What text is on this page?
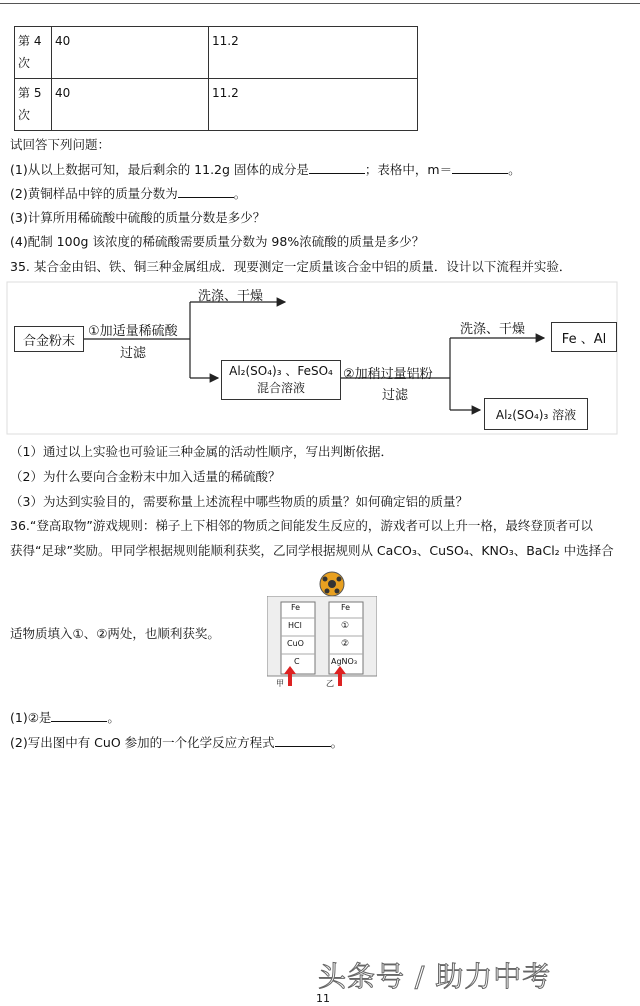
第 4 次	40	11.2
第 5 次	40	11.2
试回答下列问题：
(1)从以上数据可知，最后剩余的 11.2g 固体的成分是	；表格中，m＝	。
(2)黄铜样品中锌的质量分数为	。
(3)计算所用稀硫酸中硫酸的质量分数是多少？
(4)配制 100g 该浓度的稀硫酸需要质量分数为 98%浓硫酸的质量是多少？
35. 某合金由铝、铁、铜三种金属组成．现要测定一定质量该合金中铝的质量．设计以下流程并实验．
合金粉末
①加适量稀硫酸
过滤
洗涤、干燥
Al₂(SO₄)₃ 、FeSO₄
混合溶液
②加稍过量铝粉
过滤
洗涤、干燥
Fe 、Al
Al₂(SO₄)₃ 溶液
（1）通过以上实验也可验证三种金属的活动性顺序，写出判断依据．
（2）为什么要向合金粉末中加入适量的稀硫酸？
（3）为达到实验目的，需要称量上述流程中哪些物质的质量？如何确定铝的质量？
36.“登高取物”游戏规则：梯子上下相邻的物质之间能发生反应的，游戏者可以上升一格，最终登顶者可以
获得“足球”奖励。甲同学根据规则能顺利获奖，乙同学根据规则从 CaCO₃、CuSO₄、KNO₃、BaCl₂ 中选择合
适物质填入①、②两处，也顺利获奖。
Fe
HCl
CuO
C
Fe
①
②
AgNO₃
甲	乙
(1)②是	。
(2)写出图中有 CuO 参加的一个化学反应方程式	。
头条号 / 助力中考
11
